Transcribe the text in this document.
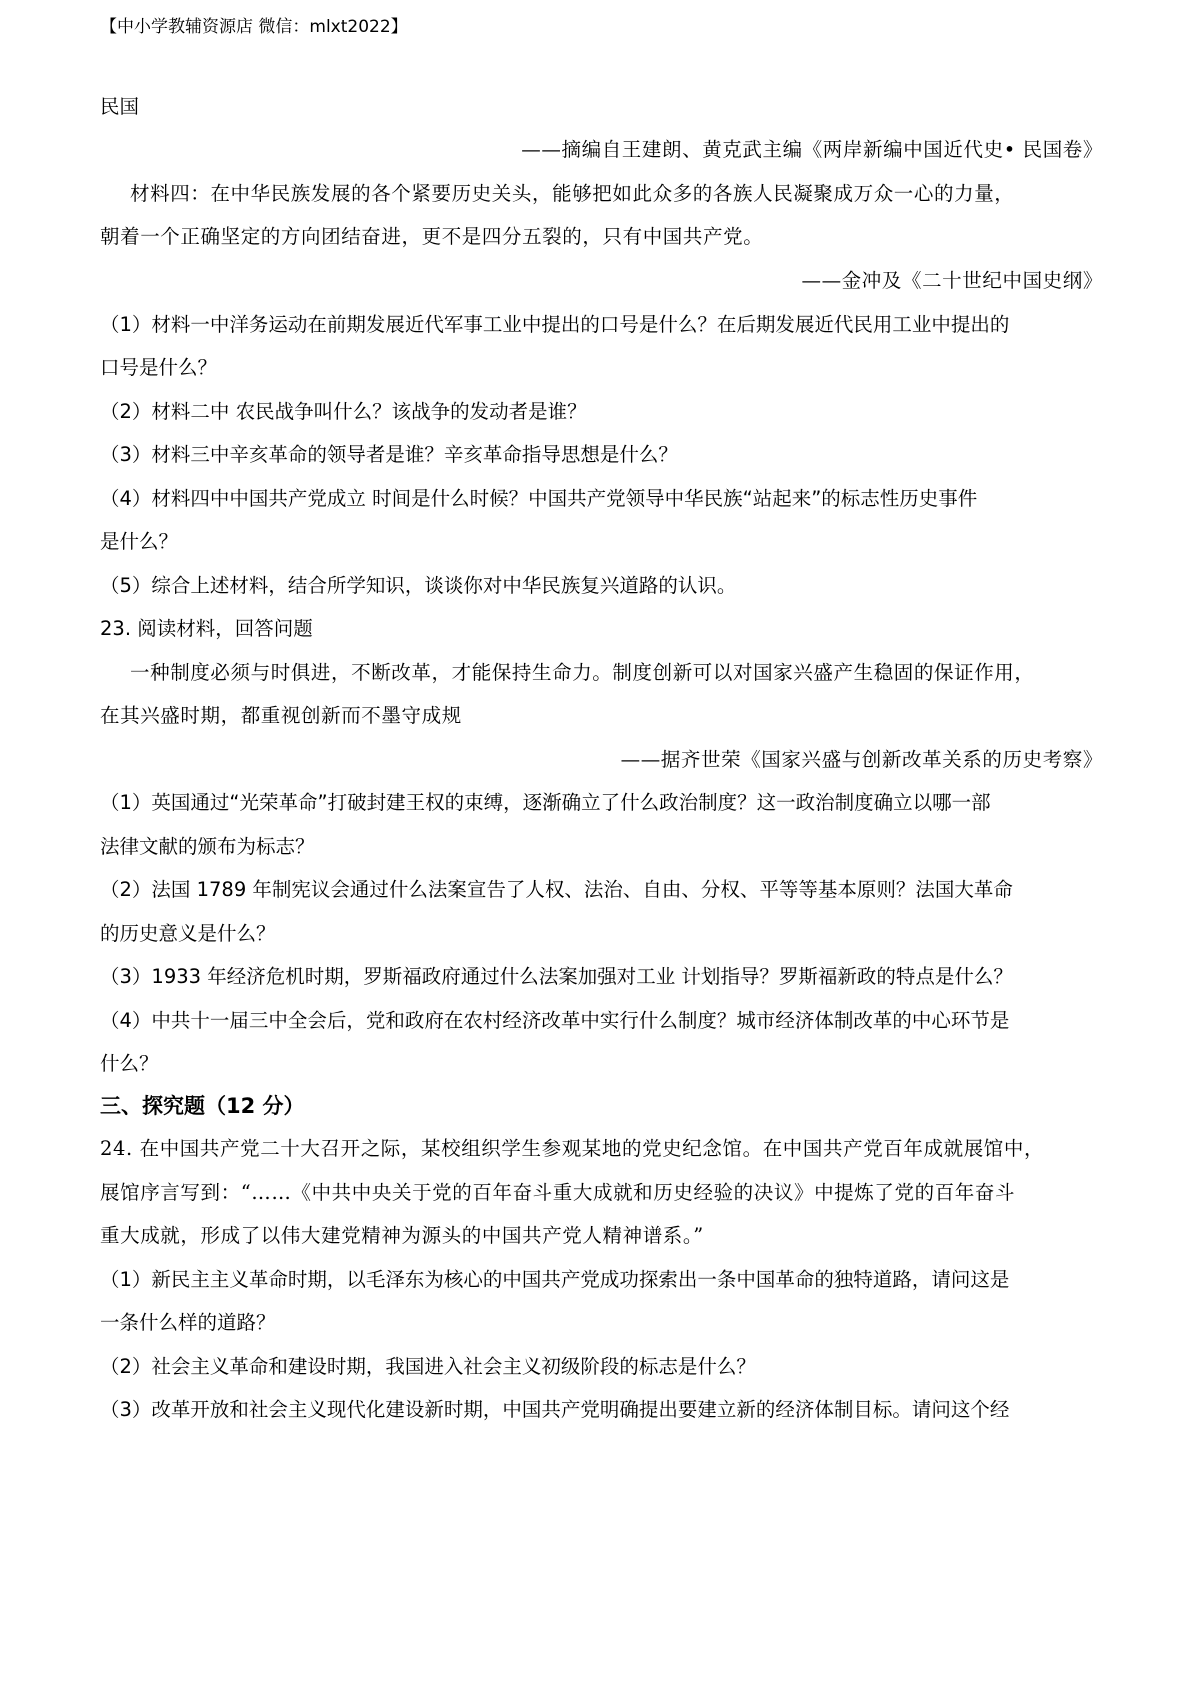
【中小学教辅资源店 微信：mlxt2022】
民国
——摘编自王建朗、黄克武主编《两岸新编中国近代史• 民国卷》
材料四：在中华民族发展的各个紧要历史关头，能够把如此众多的各族人民凝聚成万众一心的力量，
朝着一个正确坚定的方向团结奋进，更不是四分五裂的，只有中国共产党。
——金冲及《二十世纪中国史纲》
（1）材料一中洋务运动在前期发展近代军事工业中提出的口号是什么？在后期发展近代民用工业中提出的
口号是什么？
（2）材料二中 农民战争叫什么？该战争的发动者是谁？
（3）材料三中辛亥革命的领导者是谁？辛亥革命指导思想是什么？
（4）材料四中中国共产党成立 时间是什么时候？中国共产党领导中华民族“站起来”的标志性历史事件
是什么？
（5）综合上述材料，结合所学知识，谈谈你对中华民族复兴道路的认识。
23. 阅读材料，回答问题
一种制度必须与时俱进，不断改革，才能保持生命力。制度创新可以对国家兴盛产生稳固的保证作用，
在其兴盛时期，都重视创新而不墨守成规
——据齐世荣《国家兴盛与创新改革关系的历史考察》
（1）英国通过“光荣革命”打破封建王权的束缚，逐渐确立了什么政治制度？这一政治制度确立以哪一部
法律文献的颁布为标志？
（2）法国 1789 年制宪议会通过什么法案宣告了人权、法治、自由、分权、平等等基本原则？法国大革命
的历史意义是什么？
（3）1933 年经济危机时期，罗斯福政府通过什么法案加强对工业 计划指导？罗斯福新政的特点是什么？
（4）中共十一届三中全会后，党和政府在农村经济改革中实行什么制度？城市经济体制改革的中心环节是
什么？
三、探究题（12 分）
24. 在中国共产党二十大召开之际，某校组织学生参观某地的党史纪念馆。在中国共产党百年成就展馆中，
展馆序言写到：“……《中共中央关于党的百年奋斗重大成就和历史经验的决议》中提炼了党的百年奋斗
重大成就，形成了以伟大建党精神为源头的中国共产党人精神谱系。”
（1）新民主主义革命时期，以毛泽东为核心的中国共产党成功探索出一条中国革命的独特道路，请问这是
一条什么样的道路？
（2）社会主义革命和建设时期，我国进入社会主义初级阶段的标志是什么？
（3）改革开放和社会主义现代化建设新时期，中国共产党明确提出要建立新的经济体制目标。请问这个经
